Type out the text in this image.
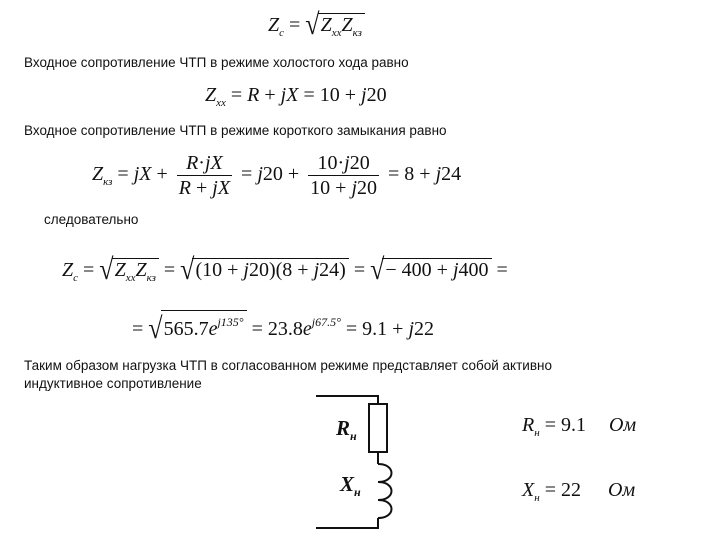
$Z_c = √Z_{xx}Z_{кз}$
Входное сопротивление ЧТП в режиме холостого хода равно
$Z_{xx} = R$ + jX = 10 + j20
Входное сопротивление ЧТП в режиме короткого замыкания равно
$Z_{кз}$ = jX + $\frac{R\cdot jX}{R + jX} = j20 + \frac{10\cdot j20}{10 + j20} = 8 + j24$
следовательно
$Z_c = √Z_{xx}Z_{кз} = √(10 + j20)(8 + j24)$ = √− 400 + j400 =
= $√565.7e^{j135^\circ} = 23.8e^{j67.5^\circ} = 9.1 + j22$
Таким образом нагрузка ЧТП в согласованном режиме представляет собой активно
индуктивное сопротивление
$R_н$
$X_н$
$R_н = 9.1$ Ом
$X_н = 22$ Ом
